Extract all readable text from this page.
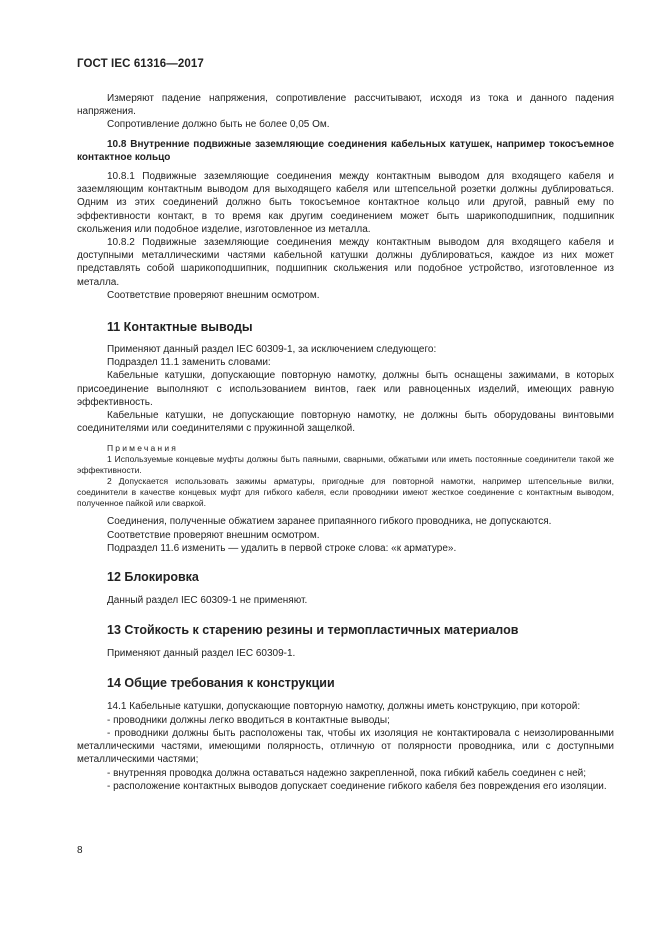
ГОСТ IEC 61316—2017

Измеряют падение напряжения, сопротивление рассчитывают, исходя из тока и данного падения напряжения.

Сопротивление должно быть не более 0,05 Ом.

10.8 Внутренние подвижные заземляющие соединения кабельных катушек, например токосъемное контактное кольцо

10.8.1 Подвижные заземляющие соединения между контактным выводом для входящего кабеля и заземляющим контактным выводом для выходящего кабеля или штепсельной розетки должны дублироваться. Одним из этих соединений должно быть токосъемное контактное кольцо или другой, равный ему по эффективности контакт, в то время как другим соединением может быть шарикоподшипник, подшипник скольжения или подобное изделие, изготовленное из металла.

10.8.2 Подвижные заземляющие соединения между контактным выводом для входящего кабеля и доступными металлическими частями кабельной катушки должны дублироваться, каждое из них может представлять собой шарикоподшипник, подшипник скольжения или подобное устройство, изготовленное из металла.

Соответствие проверяют внешним осмотром.

11 Контактные выводы

Применяют данный раздел IEC 60309-1, за исключением следующего:

Подраздел 11.1 заменить словами:

Кабельные катушки, допускающие повторную намотку, должны быть оснащены зажимами, в которых присоединение выполняют с использованием винтов, гаек или равноценных изделий, имеющих равную эффективность.

Кабельные катушки, не допускающие повторную намотку, не должны быть оборудованы винтовыми соединителями или соединителями с пружинной защелкой.

Примечания

1 Используемые концевые муфты должны быть паяными, сварными, обжатыми или иметь постоянные соединители такой же эффективности.

2 Допускается использовать зажимы арматуры, пригодные для повторной намотки, например штепсельные вилки, соединители в качестве концевых муфт для гибкого кабеля, если проводники имеют жесткое соединение с контактным выводом, полученное пайкой или сваркой.

Соединения, полученные обжатием заранее припаянного гибкого проводника, не допускаются.

Соответствие проверяют внешним осмотром.

Подраздел 11.6 изменить — удалить в первой строке слова: «к арматуре».

12 Блокировка

Данный раздел IEC 60309-1 не применяют.

13 Стойкость к старению резины и термопластичных материалов

Применяют данный раздел IEC 60309-1.

14 Общие требования к конструкции

14.1 Кабельные катушки, допускающие повторную намотку, должны иметь конструкцию, при которой:

- проводники должны легко вводиться в контактные выводы;

- проводники должны быть расположены так, чтобы их изоляция не контактировала с неизолированными металлическими частями, имеющими полярность, отличную от полярности проводника, или с доступными металлическими частями;

- внутренняя проводка должна оставаться надежно закрепленной, пока гибкий кабель соединен с ней;

- расположение контактных выводов допускает соединение гибкого кабеля без повреждения его изоляции.

8
